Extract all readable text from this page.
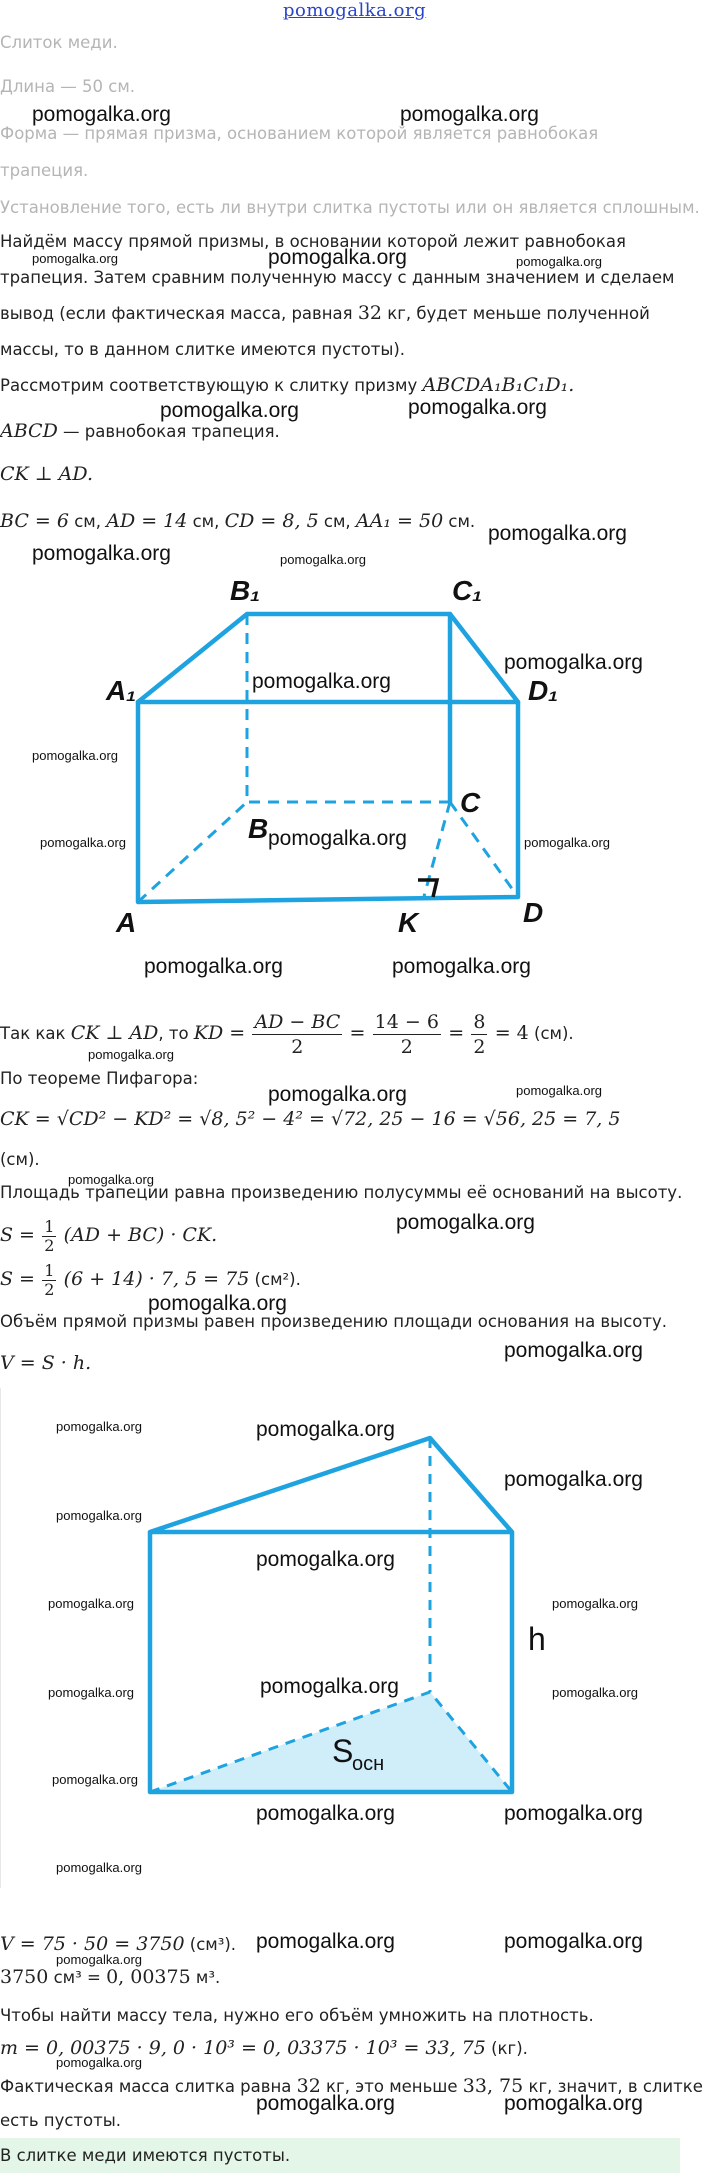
pomogalka.org
Слиток меди.
Длина — 50 см.
Форма — прямая призма, основанием которой является равнобокая
трапеция.
Установление того, есть ли внутри слитка пустоты или он является сплошным.
Найдём массу прямой призмы, в основании которой лежит равнобокая
трапеция. Затем сравним полученную массу с данным значением и сделаем
вывод (если фактическая масса, равная 32 кг, будет меньше полученной
массы, то в данном слитке имеются пустоты).
Рассмотрим соответствующую к слитку призму ABCDA₁B₁C₁D₁.
ABCD — равнобокая трапеция.
CK ⊥ AD.
BC = 6 см, AD = 14 см, CD = 8, 5 см, AA₁ = 50 см.
B₁	C₁
A₁	D₁
B
C
A	K	D
Так как CK ⊥ AD, то KD = $\frac{AD - BC}{2} = \frac{14 - 6}{2} = \frac{8}{2} = 4$ (см).
По теореме Пифагора:
CK = √CD² − KD² = √8, 5² − 4² = √72, 25 − 16 = √56, 25 = 7, 5
(см).
Площадь трапеции равна произведению полусуммы её оснований на высоту.
$S = \frac{1}{2} (AD + BC)$ · CK.
$S = \frac{1}{2} (6 + 14) \cdot 7$, 5 = 75 (см²).
Объём прямой призмы равен произведению площади основания на высоту.
V = S · h.
h
S
осн
V = 75 · 50 = 3750 (см³).
3750 см³ = 0, 00375 м³.
Чтобы найти массу тела, нужно его объём умножить на плотность.
m = 0, 00375 · 9, 0 · 10³ = 0, 03375 · 10³ = 33, 75 (кг).
Фактическая масса слитка равна 32 кг, это меньше 33, 75 кг, значит, в слитке
есть пустоты.
В слитке меди имеются пустоты.
pomogalka.org	pomogalka.org
pomogalka.org	pomogalka.org	pomogalka.org
pomogalka.org	pomogalka.org
pomogalka.org
pomogalka.org	pomogalka.org
pomogalka.org
pomogalka.org
pomogalka.org
pomogalka.org	pomogalka.org	pomogalka.org
pomogalka.org	pomogalka.org
pomogalka.org
pomogalka.org	pomogalka.org
pomogalka.org
pomogalka.org
pomogalka.org
pomogalka.org
pomogalka.org	pomogalka.org
pomogalka.org
pomogalka.org
pomogalka.org
pomogalka.org	pomogalka.org
pomogalka.org	pomogalka.org	pomogalka.org
pomogalka.org
pomogalka.org	pomogalka.org
pomogalka.org
pomogalka.org	pomogalka.org
pomogalka.org
pomogalka.org
pomogalka.org	pomogalka.org
